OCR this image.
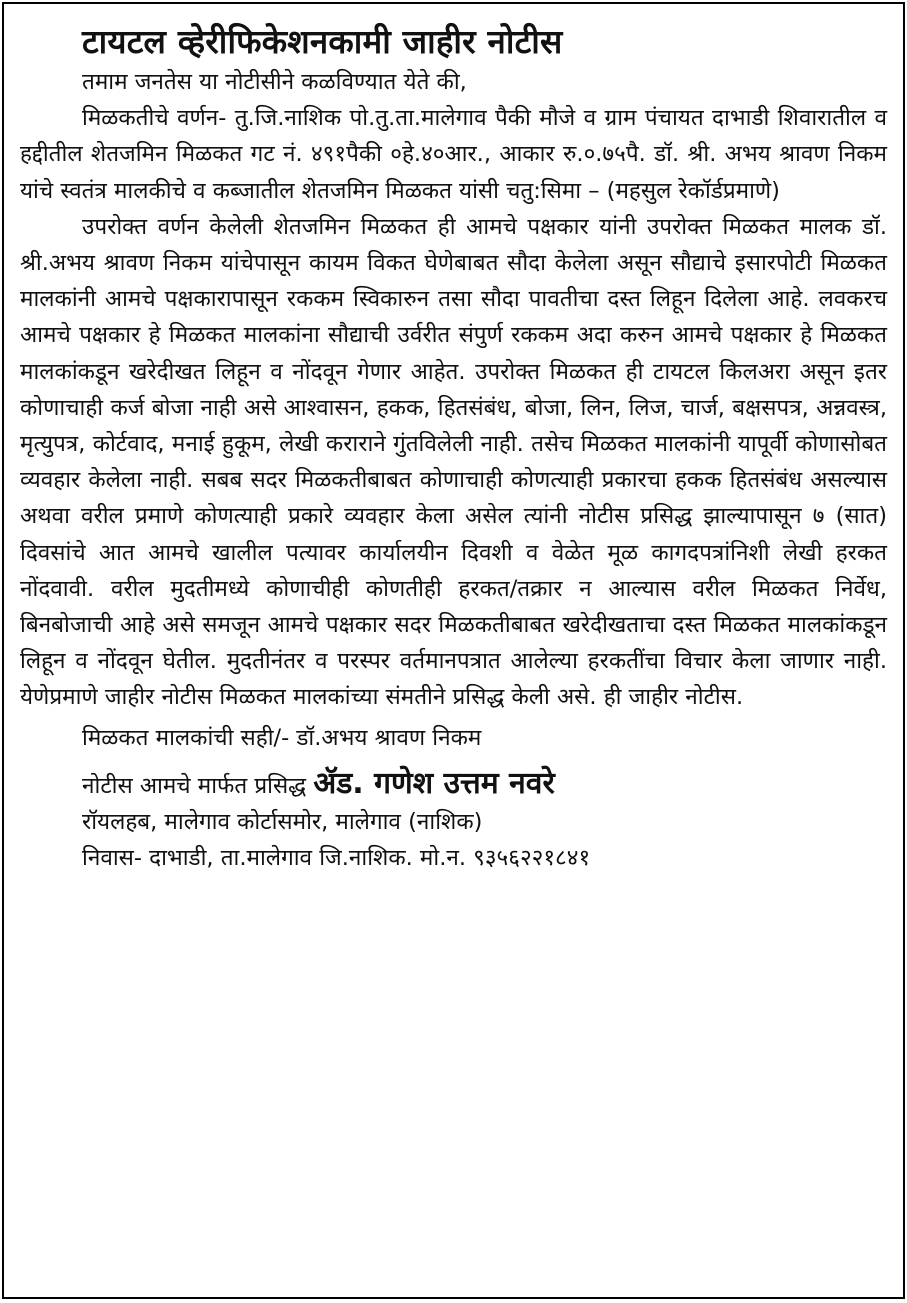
टायटल व्हेरीफिकेशनकामी जाहीर नोटीस

तमाम जनतेस या नोटीसीने कळविण्यात येते की,

मिळकतीचे वर्णन- तु.जि.नाशिक पो.तु.ता.मालेगाव पैकी मौजे व ग्राम पंचायत दाभाडी शिवारातील व हद्दीतील शेतजमिन मिळकत गट नं. ४९१पैकी ०हे.४०आर., आकार रु.०.७५पै. डॉ. श्री. अभय श्रावण निकम यांचे स्वतंत्र मालकीचे व कब्जातील शेतजमिन मिळकत यांसी चतु:सिमा – (महसुल रेकॉर्डप्रमाणे)

उपरोक्त वर्णन केलेली शेतजमिन मिळकत ही आमचे पक्षकार यांनी उपरोक्त मिळकत मालक डॉ. श्री.अभय श्रावण निकम यांचेपासून कायम विकत घेणेबाबत सौदा केलेला असून सौद्याचे इसारपोटी मिळकत मालकांनी आमचे पक्षकारापासून रककम स्विकारुन तसा सौदा पावतीचा दस्त लिहून दिलेला आहे. लवकरच आमचे पक्षकार हे मिळकत मालकांना सौद्याची उर्वरीत संपुर्ण रककम अदा करुन आमचे पक्षकार हे मिळकत मालकांकडून खरेदीखत लिहून व नोंदवून गेणार आहेत. उपरोक्त मिळकत ही टायटल किलअरा असून इतर कोणाचाही कर्ज बोजा नाही असे आश्वासन, हकक, हितसंबंध, बोजा, लिन, लिज, चार्ज, बक्षसपत्र, अन्नवस्त्र, मृत्युपत्र, कोर्टवाद, मनाई हुकूम, लेखी कराराने गुंतविलेली नाही. तसेच मिळकत मालकांनी यापूर्वी कोणासोबत व्यवहार केलेला नाही. सबब सदर मिळकतीबाबत कोणाचाही कोणत्याही प्रकारचा हकक हितसंबंध असल्यास अथवा वरील प्रमाणे कोणत्याही प्रकारे व्यवहार केला असेल त्यांनी नोटीस प्रसिद्ध झाल्यापासून ७ (सात) दिवसांचे आत आमचे खालील पत्यावर कार्यालयीन दिवशी व वेळेत मूळ कागदपत्रांनिशी लेखी हरकत नोंदवावी. वरील मुदतीमध्ये कोणाचीही कोणतीही हरकत/तक्रार न आल्यास वरील मिळकत निर्वेध, बिनबोजाची आहे असे समजून आमचे पक्षकार सदर मिळकतीबाबत खरेदीखताचा दस्त मिळकत मालकांकडून लिहून व नोंदवून घेतील. मुदतीनंतर व परस्पर वर्तमानपत्रात आलेल्या हरकतींचा विचार केला जाणार नाही. येणेप्रमाणे जाहीर नोटीस मिळकत मालकांच्या संमतीने प्रसिद्ध केली असे. ही जाहीर नोटीस.

मिळकत मालकांची सही/- डॉ.अभय श्रावण निकम

नोटीस आमचे मार्फत प्रसिद्ध ॲड. गणेश उत्तम नवरे

रॉयलहब, मालेगाव कोर्टासमोर, मालेगाव (नाशिक)

निवास- दाभाडी, ता.मालेगाव जि.नाशिक. मो.न. ९३५६२२१८४१
